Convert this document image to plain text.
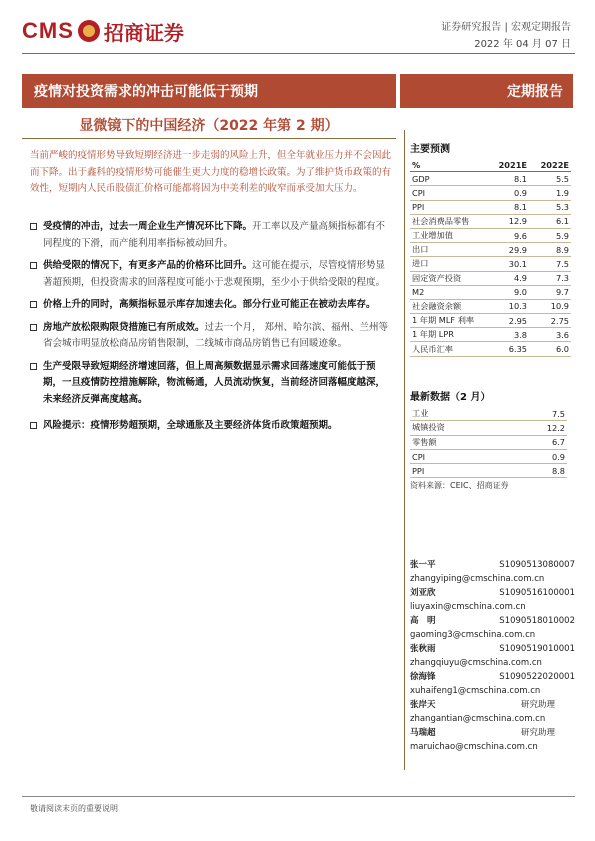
CMS 招商证券	证券研究报告 | 宏观定期报告
2022 年 04 月 07 日
疫情对投资需求的冲击可能低于预期	定期报告
显微镜下的中国经济（2022 年第 2 期）
当前严峻的疫情形势导致短期经济进一步走弱的风险上升，但全年就业压力并不会因此而下降。出于鑫科的疫情形势可能催生更大力度的稳增长政策。为了维护货币政策的有效性，短期内人民币股债汇价格可能都将因为中美利差的收窄而承受加大压力。
受疫情的冲击，过去一周企业生产情况环比下降。开工率以及产量高频指标都有不同程度的下滑，而产能利用率指标被动回升。
供给受限的情况下，有更多产品的价格环比回升。这可能在提示，尽管疫情形势显著超预期，但投资需求的回落程度可能小于悲观预期，至少小于供给受限的程度。
价格上升的同时，高频指标显示库存加速去化。部分行业可能正在被动去库存。
房地产放松限购限贷措施已有所成效。过去一个月， 郑州、哈尔滨、福州、兰州等省会城市明显放松商品房销售限制，二线城市商品房销售已有回暖迹象。
生产受限导致短期经济增速回落，但上周高频数据显示需求回落速度可能低于预期，一旦疫情防控措施解除，物流畅通，人员流动恢复，当前经济回落幅度越深，未来经济反弹高度越高。
风险提示：疫情形势超预期，全球通胀及主要经济体货币政策超预期。
主要预测
%	2021E	2022E
GDP	8.1	5.5
CPI	0.9	1.9
PPI	8.1	5.3
社会消费品零售	12.9	6.1
工业增加值	9.6	5.9
出口	29.9	8.9
进口	30.1	7.5
固定资产投资	4.9	7.3
M2	9.0	9.7
社会融资余额	10.3	10.9
1 年期 MLF 利率	2.95	2.75
1 年期 LPR	3.8	3.6
人民币汇率	6.35	6.0
最新数据（2 月）
工业	7.5
城镇投资	12.2
零售额	6.7
CPI	0.9
PPI	8.8
资料来源：CEIC、招商证券
张一平	S1090513080007
zhangyiping@cmschina.com.cn
刘亚欣	S1090516100001
liuyaxin@cmschina.com.cn
高　明	S1090518010002
gaoming3@cmschina.com.cn
张秋雨	S1090519010001
zhangqiuyu@cmschina.com.cn
徐海锋	S1090522020001
xuhaifeng1@cmschina.com.cn
张岸天	研究助理
zhangantian@cmschina.com.cn
马瑞超	研究助理
maruichao@cmschina.com.cn
敬请阅读末页的重要说明
